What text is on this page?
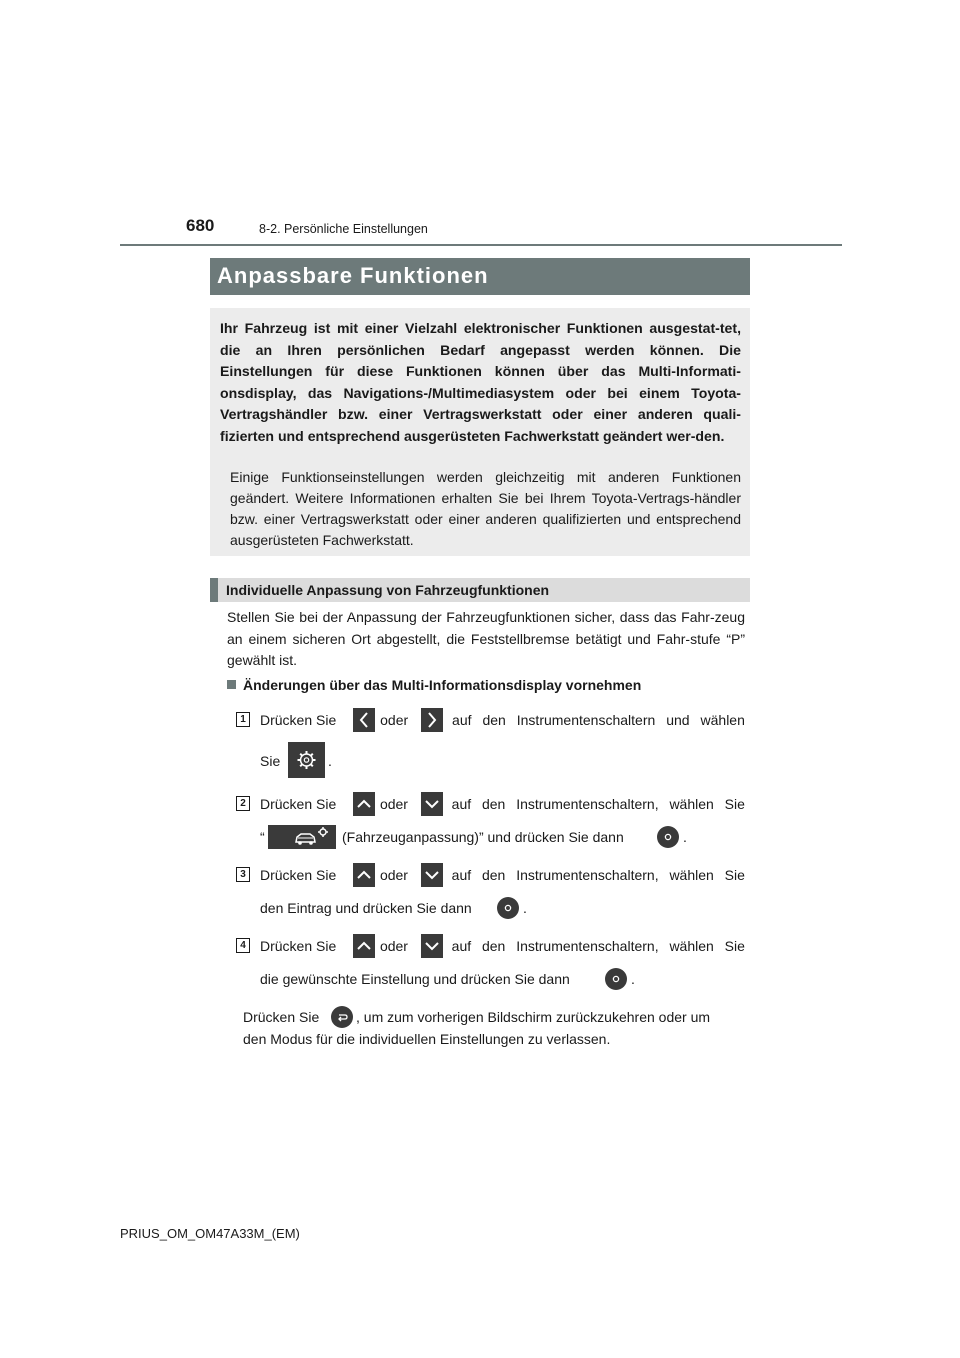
680	8-2. Persönliche Einstellungen
Anpassbare Funktionen
Ihr Fahrzeug ist mit einer Vielzahl elektronischer Funktionen ausgestat-tet, die an Ihren persönlichen Bedarf angepasst werden können. Die Einstellungen für diese Funktionen können über das Multi-Informati-onsdisplay, das Navigations-/Multimediasystem oder bei einem Toyota-Vertragshändler bzw. einer Vertragswerkstatt oder einer anderen quali-fizierten und entsprechend ausgerüsteten Fachwerkstatt geändert wer-den.
Einige Funktionseinstellungen werden gleichzeitig mit anderen Funktionen geändert. Weitere Informationen erhalten Sie bei Ihrem Toyota-Vertrags-händler bzw. einer Vertragswerkstatt oder einer anderen qualifizierten und entsprechend ausgerüsteten Fachwerkstatt.
Individuelle Anpassung von Fahrzeugfunktionen
Stellen Sie bei der Anpassung der Fahrzeugfunktionen sicher, dass das Fahr-zeug an einem sicheren Ort abgestellt, die Feststellbremse betätigt und Fahr-stufe “P” gewählt ist.
Änderungen über das Multi-Informationsdisplay vornehmen
1	Drücken Sie	oder	auf den Instrumentenschaltern und wählen
Sie	.
2	Drücken Sie	oder	auf den Instrumentenschaltern, wählen Sie
“	(Fahrzeuganpassung)” und drücken Sie dann	.
3	Drücken Sie	oder	auf den Instrumentenschaltern, wählen Sie
den Eintrag und drücken Sie dann	.
4	Drücken Sie	oder	auf den Instrumentenschaltern, wählen Sie
die gewünschte Einstellung und drücken Sie dann	.
Drücken Sie	, um zum vorherigen Bildschirm zurückzukehren oder um
den Modus für die individuellen Einstellungen zu verlassen.
PRIUS_OM_OM47A33M_(EM)
